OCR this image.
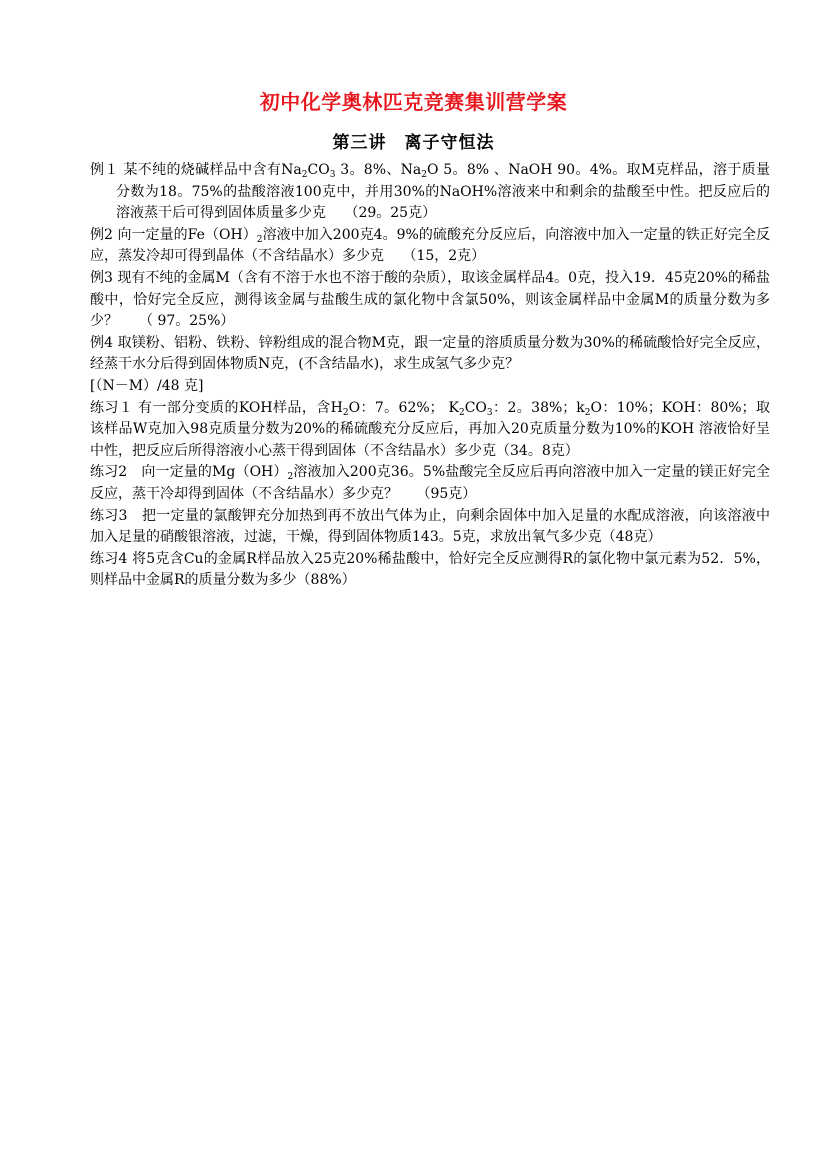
初中化学奥林匹克竞赛集训营学案
第三讲　离子守恒法

例１ 某不纯的烧碱样品中含有$Na_2CO_3$ 3。8%、$Na_2O$ 5。8% 、NaOH 90。4%。取M克样品，溶于质量分数为18。75%的盐酸溶液100克中，并用30%的NaOH%溶液来中和剩余的盐酸至中性。把反应后的溶液蒸干后可得到固体质量多少克　 （29。25克）

例2 向一定量的$Fe(OH)_2$溶液中加入200克4。9%的硫酸充分反应后，向溶液中加入一定量的铁正好完全反应，蒸发冷却可得到晶体（不含结晶水）多少克　 （15，2克）

例3 现有不纯的金属M（含有不溶于水也不溶于酸的杂质），取该金属样品4。0克，投入19．45克20%的稀盐酸中，恰好完全反应，测得该金属与盐酸生成的氯化物中含氯50%，则该金属样品中金属M的质量分数为多少？　　（ 97。25%）

例4 取镁粉、铝粉、铁粉、锌粉组成的混合物M克，跟一定量的溶质质量分数为30%的稀硫酸恰好完全反应，经蒸干水分后得到固体物质N克，(不含结晶水)，求生成氢气多少克？

[（N－M）/48 克]

练习１ 有一部分变质的KOH样品，含$H_2O$：7。62%； $K_2CO_3$：2。38%；$k_2O$：10%；KOH：80%；取该样品W克加入98克质量分数为20%的稀硫酸充分反应后，再加入20克质量分数为10%的KOH 溶液恰好呈中性，把反应后所得溶液小心蒸干得到固体（不含结晶水）多少克（34。8克）

练习2　向一定量的$Mg(OH)_2$溶液加入200克36。5%盐酸完全反应后再向溶液中加入一定量的镁正好完全反应，蒸干冷却得到固体（不含结晶水）多少克？　 （95克）

练习3　把一定量的氯酸钾充分加热到再不放出气体为止，向剩余固体中加入足量的水配成溶液，向该溶液中加入足量的硝酸银溶液，过滤，干燥，得到固体物质143。5克，求放出氧气多少克（48克）

练习4 将5克含Cu的金属R样品放入25克20%稀盐酸中，恰好完全反应测得R的氯化物中氯元素为52．5%，则样品中金属R的质量分数为多少（88%）
